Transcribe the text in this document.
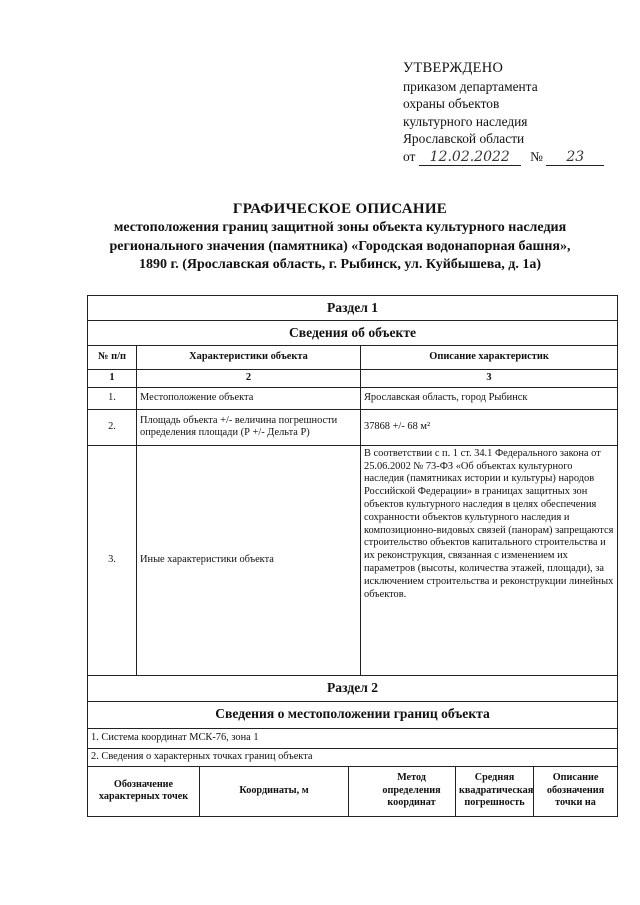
УТВЕРЖДЕНО
приказом департамента
охраны объектов
культурного наследия
Ярославской области
от 12.02.2022 № 23
ГРАФИЧЕСКОЕ ОПИСАНИЕ
местоположения границ защитной зоны объекта культурного наследия
регионального значения (памятника) «Городская водонапорная башня»,
1890 г. (Ярославская область, г. Рыбинск, ул. Куйбышева, д. 1а)
Раздел 1						
Сведения об объекте						
№ п/п	Характеристики объекта			Описание характеристик		
1	2			3		
1.	Местоположение объекта			Ярославская область, город Рыбинск		
2.	Площадь объекта +/- величина погрешности определения площади (Р +/- Дельта Р)			37868 +/- 68 м²		
3.	Иные характеристики объекта			В соответствии с п. 1 ст. 34.1 Федерального закона от 25.06.2002 № 73-ФЗ «Об объектах культурного наследия (памятниках истории и культуры) народов Российской Федерации» в границах защитных зон объектов культурного наследия в целях обеспечения сохранности объектов культурного наследия и композиционно-видовых связей (панорам) запрещаются строительство объектов капитального строительства и их реконструкция, связанная с изменением их параметров (высоты, количества этажей, площади), за исключением строительства и реконструкции линейных объектов.		
Раздел 2						
Сведения о местоположении границ объекта						
1. Система координат МСК-76, зона 1						
2. Сведения о характерных точках границ объекта						
Обозначение характерных точек		Координаты, м	Метод определения координат		Средняя квадратическая погрешность	Описание обозначения точки на
